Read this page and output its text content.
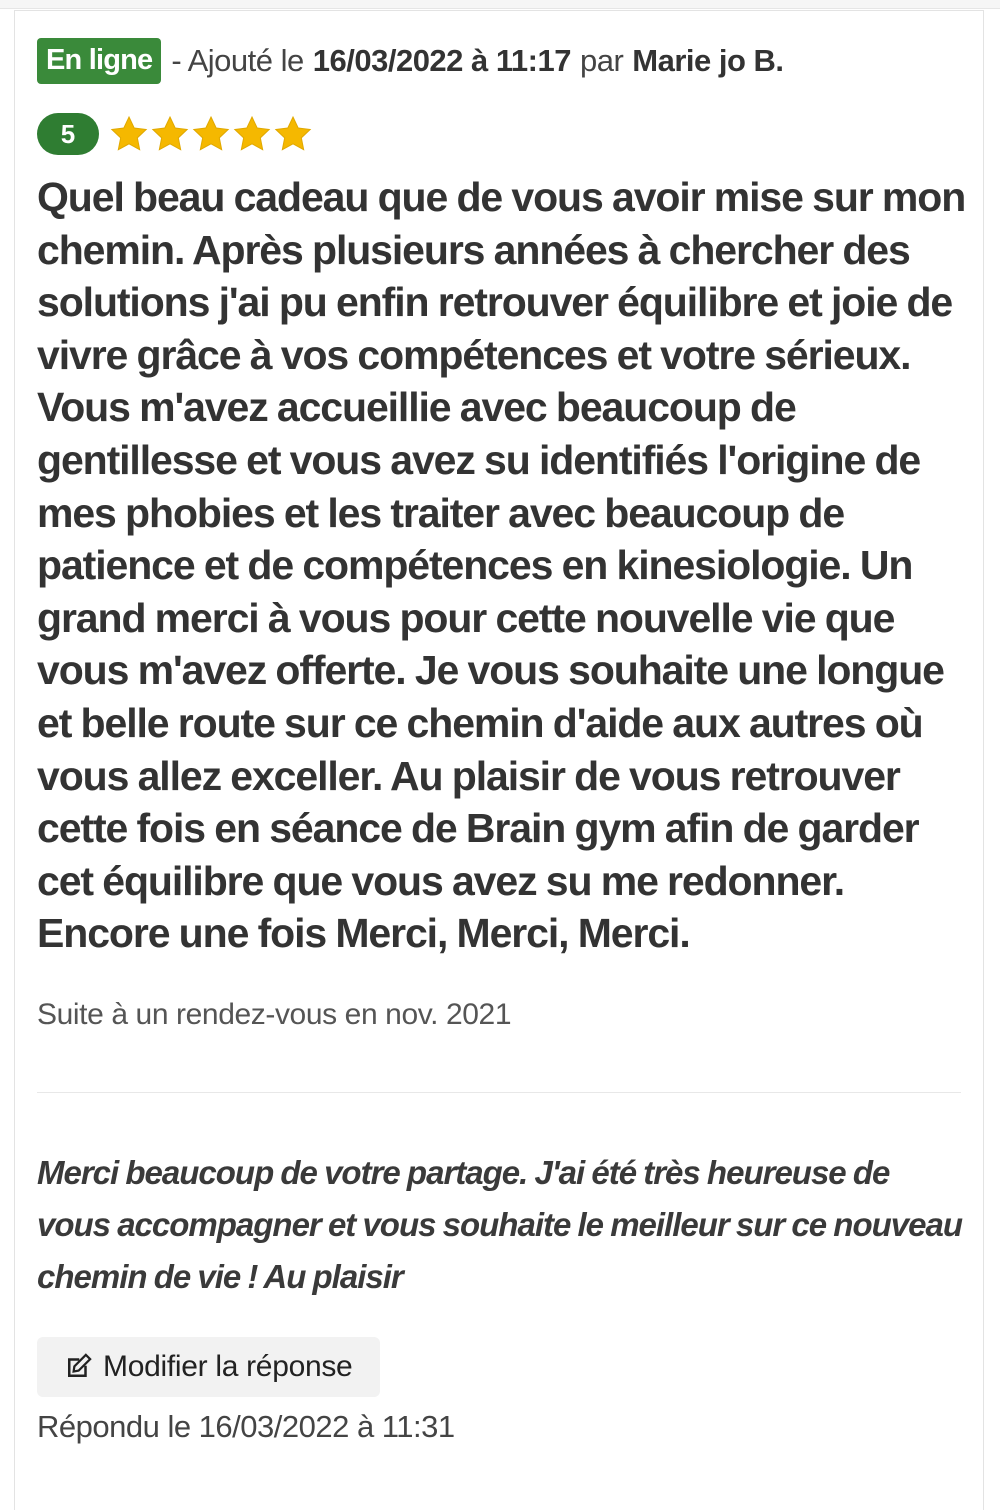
En ligne - Ajouté le 16/03/2022 à 11:17 par Marie jo B.
5
Quel beau cadeau que de vous avoir mise sur mon chemin. Après plusieurs années à chercher des solutions j'ai pu enfin retrouver équilibre et joie de vivre grâce à vos compétences et votre sérieux. Vous m'avez accueillie avec beaucoup de gentillesse et vous avez su identifiés l'origine de mes phobies et les traiter avec beaucoup de patience et de compétences en kinesiologie. Un grand merci à vous pour cette nouvelle vie que vous m'avez offerte. Je vous souhaite une longue et belle route sur ce chemin d'aide aux autres où vous allez exceller. Au plaisir de vous retrouver cette fois en séance de Brain gym afin de garder cet équilibre que vous avez su me redonner. Encore une fois Merci, Merci, Merci.
Suite à un rendez-vous en nov. 2021
Merci beaucoup de votre partage. J'ai été très heureuse de vous accompagner et vous souhaite le meilleur sur ce nouveau chemin de vie ! Au plaisir
Modifier la réponse
Répondu le 16/03/2022 à 11:31
